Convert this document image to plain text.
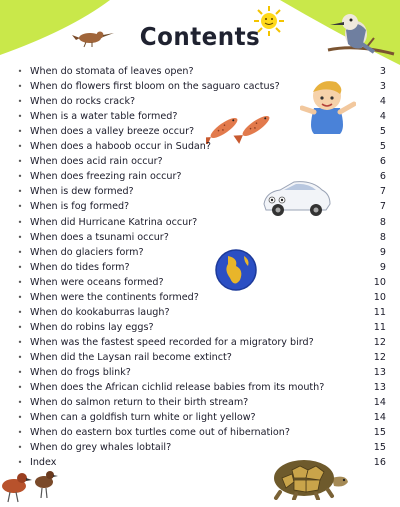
Contents
• When do stomata of leaves open?	3
• When do flowers first bloom on the saguaro cactus?	3
• When do rocks crack?	4
• When is a water table formed?	4
• When does a valley breeze occur?	5
• When does a haboob occur in Sudan?	5
• When does acid rain occur?	6
• When does freezing rain occur?	6
• When is dew formed?	7
• When is fog formed?	7
• When did Hurricane Katrina occur?	8
• When does a tsunami occur?	8
• When do glaciers form?	9
• When do tides form?	9
• When were oceans formed?	10
• When were the continents formed?	10
• When do kookaburras laugh?	11
• When do robins lay eggs?	11
• When was the fastest speed recorded for a migratory bird?	12
• When did the Laysan rail become extinct?	12
• When do frogs blink?	13
• When does the African cichlid release babies from its mouth?	13
• When do salmon return to their birth stream?	14
• When can a goldfish turn white or light yellow?	14
• When do eastern box turtles come out of hibernation?	15
• When do grey whales lobtail?	15
• Index	16
